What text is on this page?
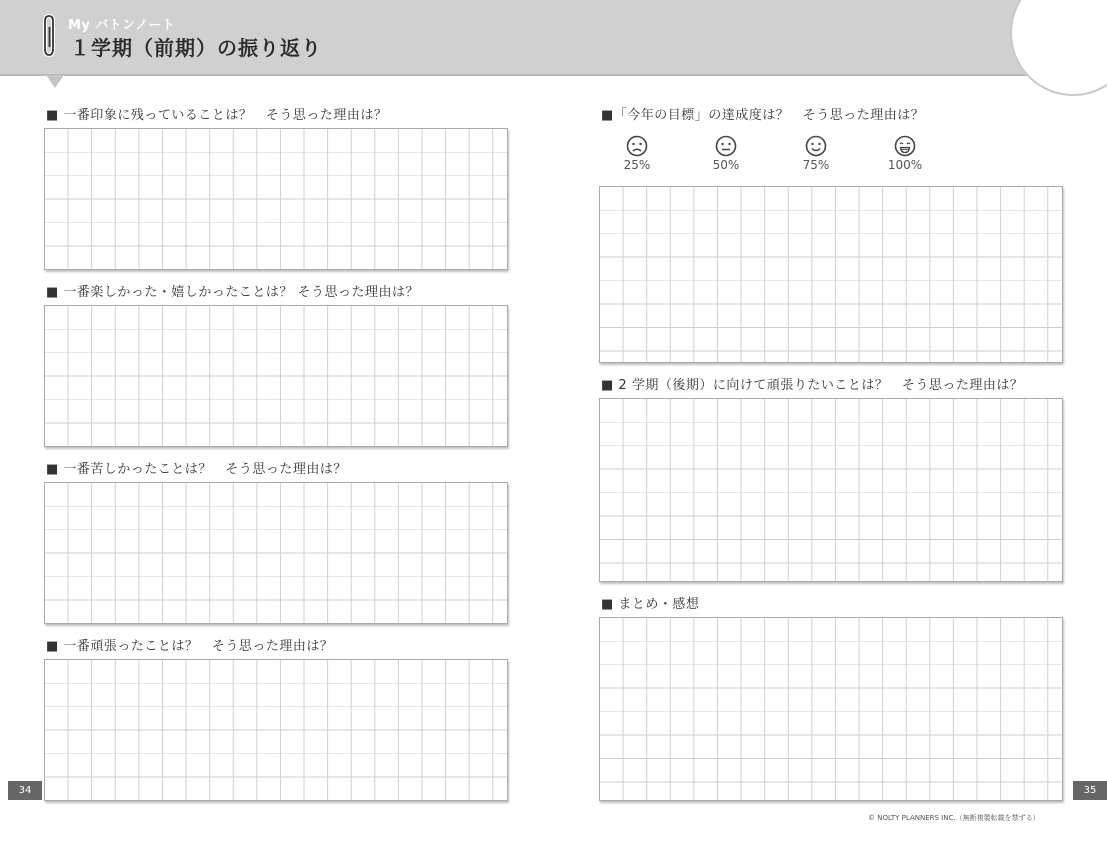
My バトンノート
１学期（前期）の振り返り
■ 一番印象に残っていることは？　そう思った理由は？
■ 一番楽しかった・嬉しかったことは？ そう思った理由は？
■ 一番苦しかったことは？　そう思った理由は？
■ 一番頑張ったことは？　そう思った理由は？
34
■「今年の目標」の達成度は？　そう思った理由は？
25%	50%	75%	100%
■ 2 学期（後期）に向けて頑張りたいことは？　そう思った理由は？
■ まとめ・感想
35
© NOLTY PLANNERS INC.（無断複製転載を禁ずる）
